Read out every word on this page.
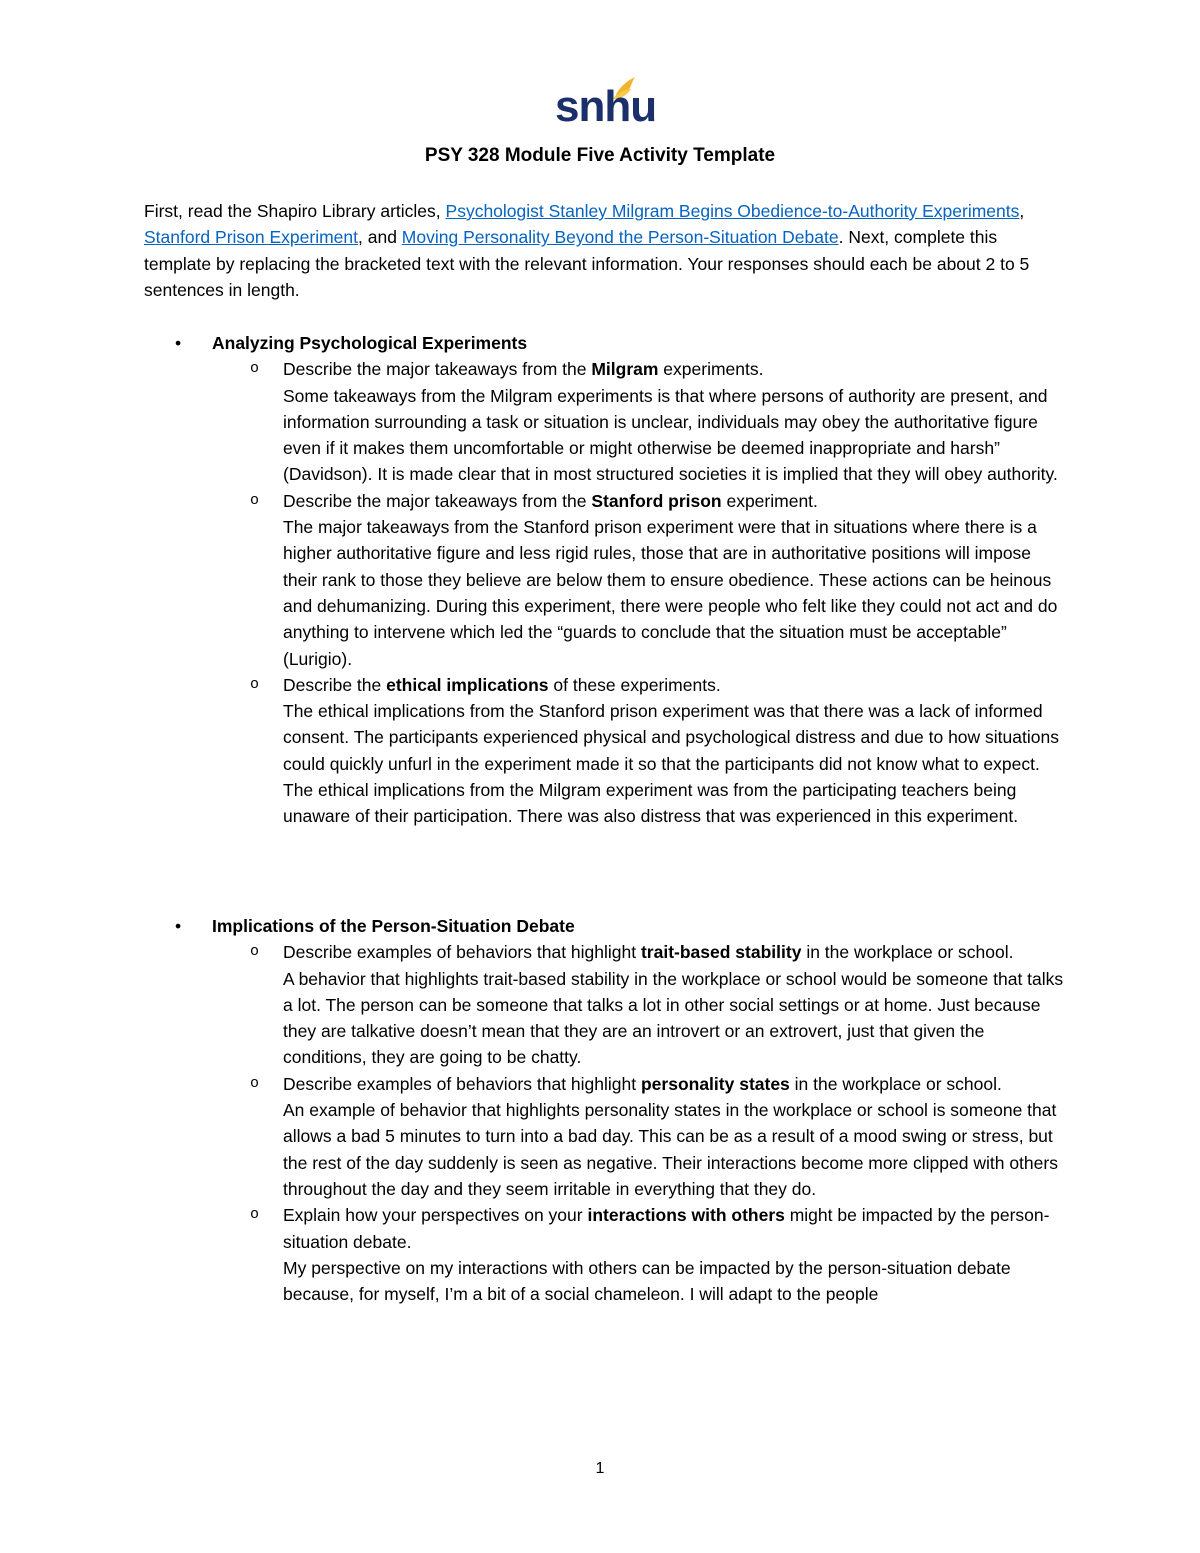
snhu
PSY 328 Module Five Activity Template
First, read the Shapiro Library articles, Psychologist Stanley Milgram Begins Obedience-to-Authority Experiments, Stanford Prison Experiment, and Moving Personality Beyond the Person-Situation Debate. Next, complete this template by replacing the bracketed text with the relevant information. Your responses should each be about 2 to 5 sentences in length.
• Analyzing Psychological Experiments
o Describe the major takeaways from the Milgram experiments.
Some takeaways from the Milgram experiments is that where persons of authority are present, and information surrounding a task or situation is unclear, individuals may obey the authoritative figure even if it makes them uncomfortable or might otherwise be deemed inappropriate and harsh” (Davidson). It is made clear that in most structured societies it is implied that they will obey authority.
o Describe the major takeaways from the Stanford prison experiment.
The major takeaways from the Stanford prison experiment were that in situations where there is a higher authoritative figure and less rigid rules, those that are in authoritative positions will impose their rank to those they believe are below them to ensure obedience. These actions can be heinous and dehumanizing. During this experiment, there were people who felt like they could not act and do anything to intervene which led the “guards to conclude that the situation must be acceptable” (Lurigio).
o Describe the ethical implications of these experiments.
The ethical implications from the Stanford prison experiment was that there was a lack of informed consent. The participants experienced physical and psychological distress and due to how situations could quickly unfurl in the experiment made it so that the participants did not know what to expect. The ethical implications from the Milgram experiment was from the participating teachers being unaware of their participation. There was also distress that was experienced in this experiment.
• Implications of the Person-Situation Debate
o Describe examples of behaviors that highlight trait-based stability in the workplace or school.
A behavior that highlights trait-based stability in the workplace or school would be someone that talks a lot. The person can be someone that talks a lot in other social settings or at home. Just because they are talkative doesn’t mean that they are an introvert or an extrovert, just that given the conditions, they are going to be chatty.
o Describe examples of behaviors that highlight personality states in the workplace or school.
An example of behavior that highlights personality states in the workplace or school is someone that allows a bad 5 minutes to turn into a bad day. This can be as a result of a mood swing or stress, but the rest of the day suddenly is seen as negative. Their interactions become more clipped with others throughout the day and they seem irritable in everything that they do.
o Explain how your perspectives on your interactions with others might be impacted by the person-situation debate.
My perspective on my interactions with others can be impacted by the person-situation debate because, for myself, I’m a bit of a social chameleon. I will adapt to the people
1
